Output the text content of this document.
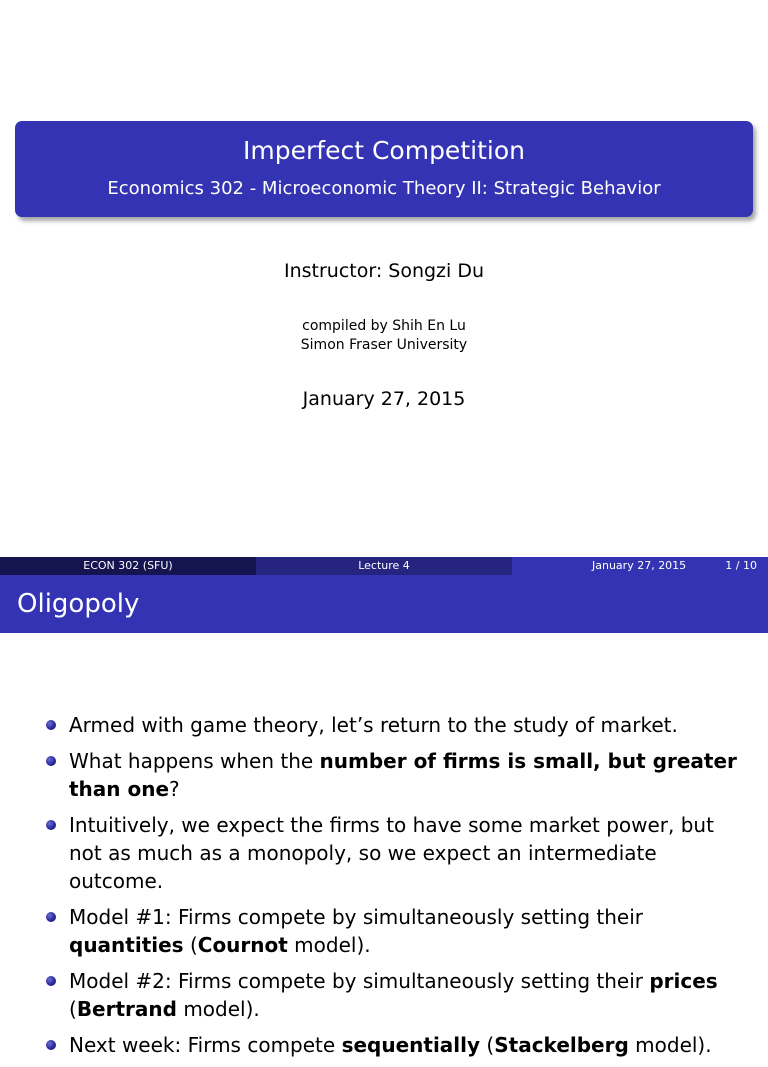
Imperfect Competition
Economics 302 - Microeconomic Theory II: Strategic Behavior
Instructor: Songzi Du
compiled by Shih En Lu
Simon Fraser University
January 27, 2015
ECON 302 (SFU)	Lecture 4	January 27, 2015	1 / 10
Oligopoly
Armed with game theory, let’s return to the study of market.
What happens when the number of firms is small, but greater than one?
Intuitively, we expect the firms to have some market power, but not as much as a monopoly, so we expect an intermediate outcome.
Model #1: Firms compete by simultaneously setting their quantities (Cournot model).
Model #2: Firms compete by simultaneously setting their prices (Bertrand model).
Next week: Firms compete sequentially (Stackelberg model).
